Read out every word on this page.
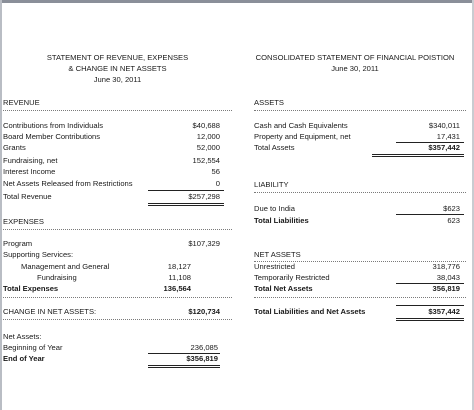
STATEMENT OF REVENUE, EXPENSES
& CHANGE IN NET ASSETS
June 30, 2011
REVENUE
Contributions from Individuals	$40,688
Board Member Contributions	12,000
Grants	52,000
Fundraising, net	152,554
Interest Income	56
Net Assets Released from Restrictions	0
Total Revenue	$257,298
EXPENSES
Program	$107,329
Supporting Services:
Management and General	18,127
Fundraising	11,108
Total Expenses	136,564
CHANGE IN NET ASSETS:	$120,734
Net Assets:
Beginning of Year	236,085
End of Year	$356,819
CONSOLIDATED STATEMENT OF FINANCIAL POISTION
June 30, 2011
ASSETS
Cash and Cash Equivalents	$340,011
Property and Equipment, net	17,431
Total Assets	$357,442
LIABILITY
Due to India	$623
Total Liabilities	623
NET ASSETS
Unrestricted	318,776
Temporarily Restricted	38,043
Total Net Assets	356,819
Total Liabilities and Net Assets	$357,442
